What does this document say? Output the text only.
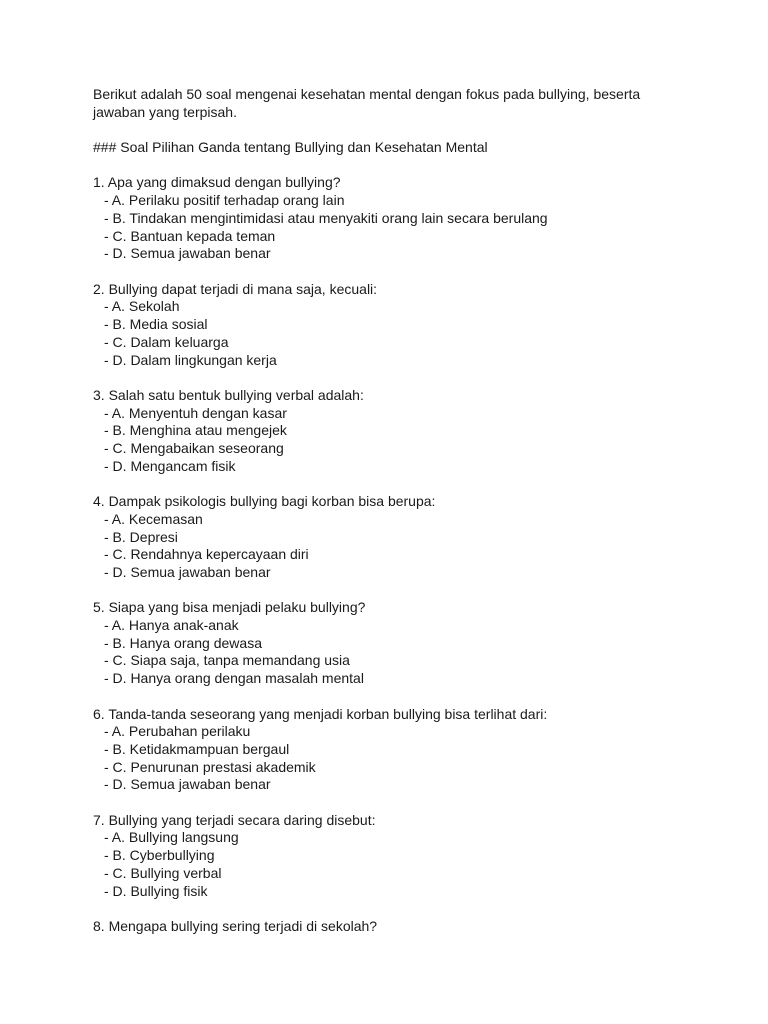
Berikut adalah 50 soal mengenai kesehatan mental dengan fokus pada bullying, beserta
jawaban yang terpisah.
### Soal Pilihan Ganda tentang Bullying dan Kesehatan Mental
1. Apa yang dimaksud dengan bullying?
- A. Perilaku positif terhadap orang lain
- B. Tindakan mengintimidasi atau menyakiti orang lain secara berulang
- C. Bantuan kepada teman
- D. Semua jawaban benar
2. Bullying dapat terjadi di mana saja, kecuali:
- A. Sekolah
- B. Media sosial
- C. Dalam keluarga
- D. Dalam lingkungan kerja
3. Salah satu bentuk bullying verbal adalah:
- A. Menyentuh dengan kasar
- B. Menghina atau mengejek
- C. Mengabaikan seseorang
- D. Mengancam fisik
4. Dampak psikologis bullying bagi korban bisa berupa:
- A. Kecemasan
- B. Depresi
- C. Rendahnya kepercayaan diri
- D. Semua jawaban benar
5. Siapa yang bisa menjadi pelaku bullying?
- A. Hanya anak-anak
- B. Hanya orang dewasa
- C. Siapa saja, tanpa memandang usia
- D. Hanya orang dengan masalah mental
6. Tanda-tanda seseorang yang menjadi korban bullying bisa terlihat dari:
- A. Perubahan perilaku
- B. Ketidakmampuan bergaul
- C. Penurunan prestasi akademik
- D. Semua jawaban benar
7. Bullying yang terjadi secara daring disebut:
- A. Bullying langsung
- B. Cyberbullying
- C. Bullying verbal
- D. Bullying fisik
8. Mengapa bullying sering terjadi di sekolah?
